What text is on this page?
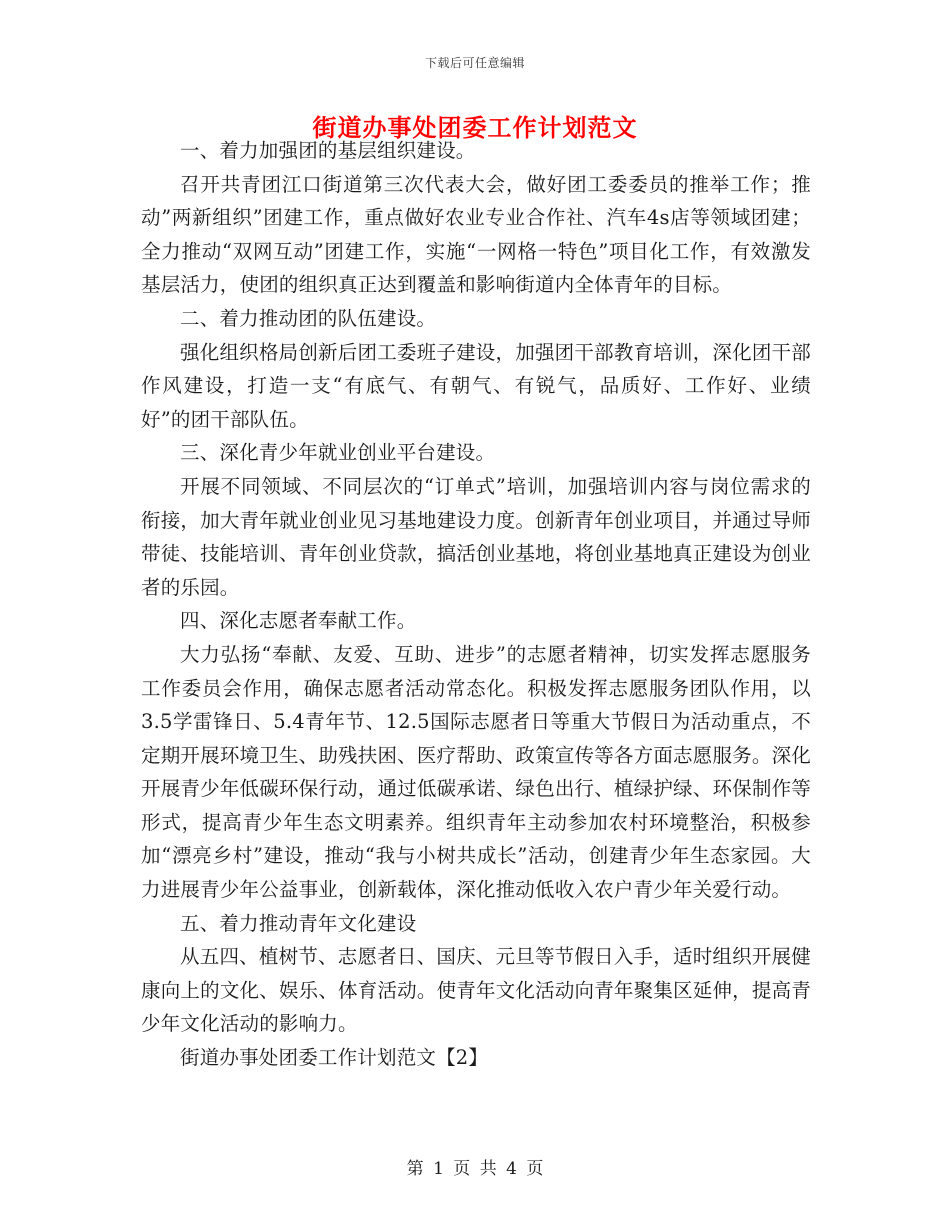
下载后可任意编辑
街道办事处团委工作计划范文

一、着力加强团的基层组织建设。

召开共青团江口街道第三次代表大会，做好团工委委员的推举工作；推动”两新组织”团建工作，重点做好农业专业合作社、汽车4s店等领域团建；全力推动“双网互动”团建工作，实施“一网格一特色”项目化工作，有效激发基层活力，使团的组织真正达到覆盖和影响街道内全体青年的目标。

二、着力推动团的队伍建设。

强化组织格局创新后团工委班子建设，加强团干部教育培训，深化团干部作风建设，打造一支“有底气、有朝气、有锐气，品质好、工作好、业绩好”的团干部队伍。

三、深化青少年就业创业平台建设。

开展不同领域、不同层次的“订单式”培训，加强培训内容与岗位需求的衔接，加大青年就业创业见习基地建设力度。创新青年创业项目，并通过导师带徒、技能培训、青年创业贷款，搞活创业基地，将创业基地真正建设为创业者的乐园。

四、深化志愿者奉献工作。

大力弘扬“奉献、友爱、互助、进步”的志愿者精神，切实发挥志愿服务工作委员会作用，确保志愿者活动常态化。积极发挥志愿服务团队作用，以3.5学雷锋日、5.4青年节、12.5国际志愿者日等重大节假日为活动重点，不定期开展环境卫生、助残扶困、医疗帮助、政策宣传等各方面志愿服务。深化开展青少年低碳环保行动，通过低碳承诺、绿色出行、植绿护绿、环保制作等形式，提高青少年生态文明素养。组织青年主动参加农村环境整治，积极参加“漂亮乡村”建设，推动“我与小树共成长”活动，创建青少年生态家园。大力进展青少年公益事业，创新载体，深化推动低收入农户青少年关爱行动。

五、着力推动青年文化建设

从五四、植树节、志愿者日、国庆、元旦等节假日入手，适时组织开展健康向上的文化、娱乐、体育活动。使青年文化活动向青年聚集区延伸，提高青少年文化活动的影响力。

街道办事处团委工作计划范文【2】

第 1 页 共 4 页
